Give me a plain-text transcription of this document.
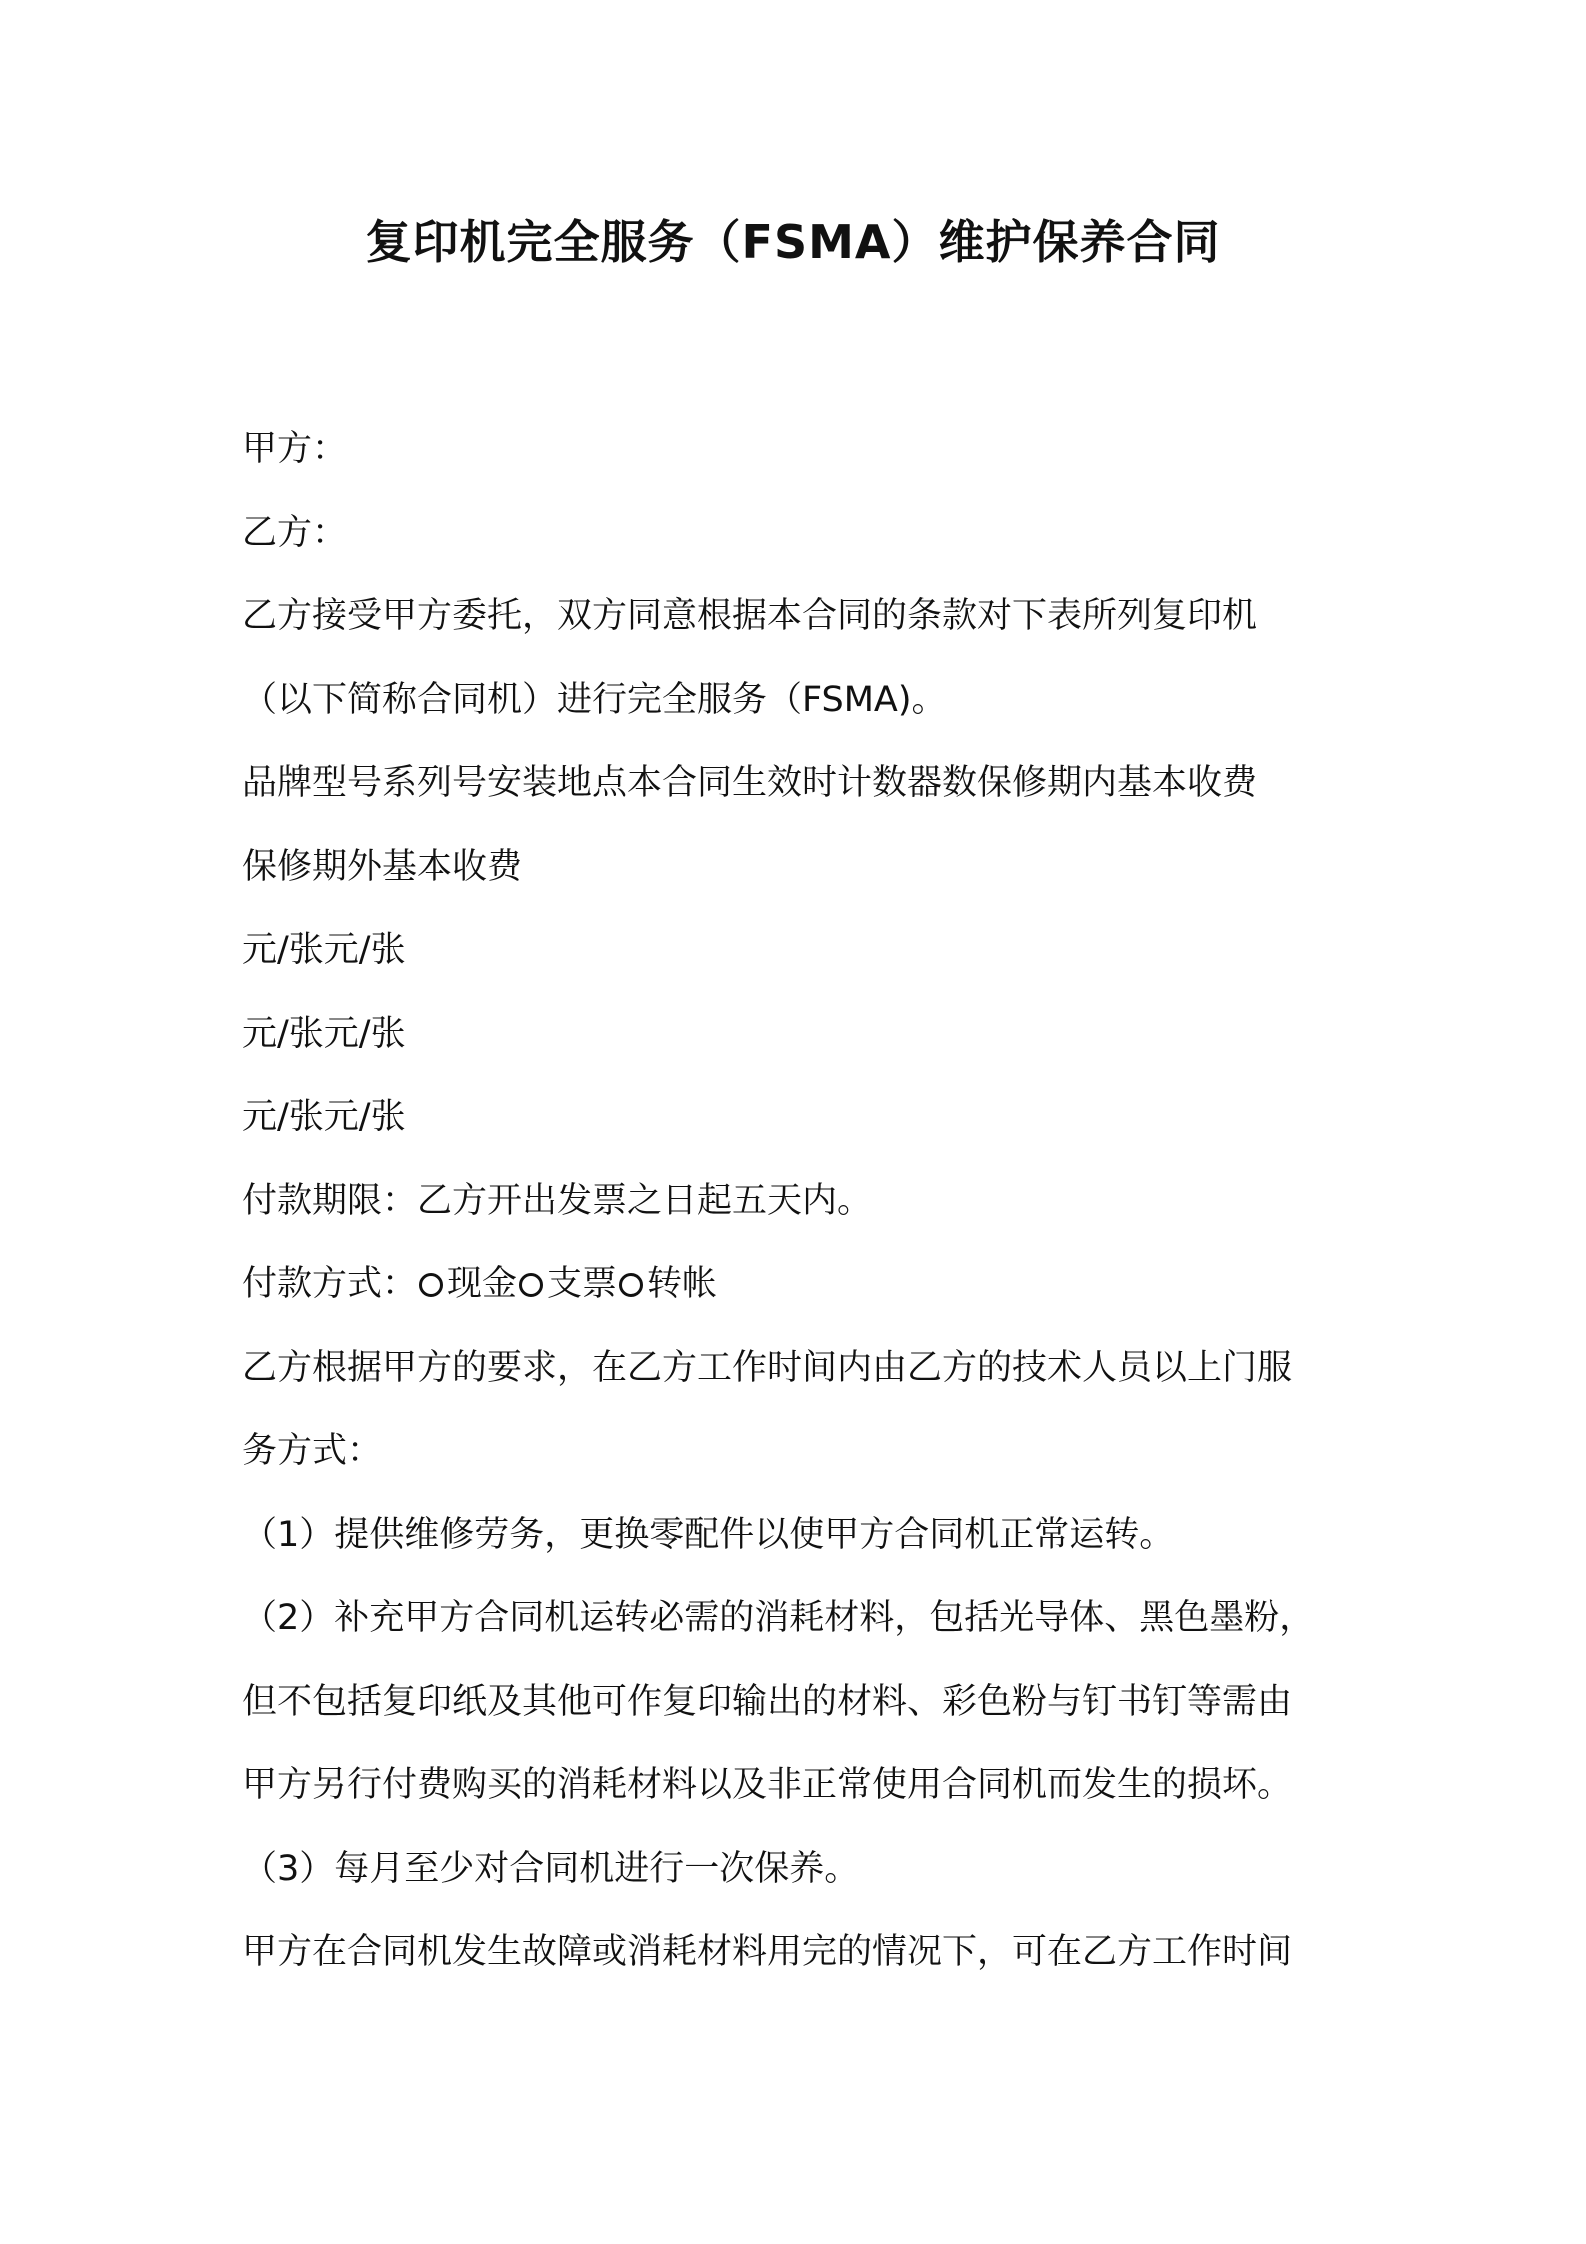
复印机完全服务（FSMA）维护保养合同

甲方：

乙方：

乙方接受甲方委托，双方同意根据本合同的条款对下表所列复印机

（以下简称合同机）进行完全服务（FSMA)。

品牌型号系列号安装地点本合同生效时计数器数保修期内基本收费

保修期外基本收费

元/张元/张

元/张元/张

元/张元/张

付款期限：乙方开出发票之日起五天内。

付款方式： 现金 支票 转帐

乙方根据甲方的要求，在乙方工作时间内由乙方的技术人员以上门服

务方式：

（1）提供维修劳务，更换零配件以使甲方合同机正常运转。

（2）补充甲方合同机运转必需的消耗材料，包括光导体、黑色墨粉，

但不包括复印纸及其他可作复印输出的材料、彩色粉与钉书钉等需由

甲方另行付费购买的消耗材料以及非正常使用合同机而发生的损坏。

（3）每月至少对合同机进行一次保养。

甲方在合同机发生故障或消耗材料用完的情况下，可在乙方工作时间
